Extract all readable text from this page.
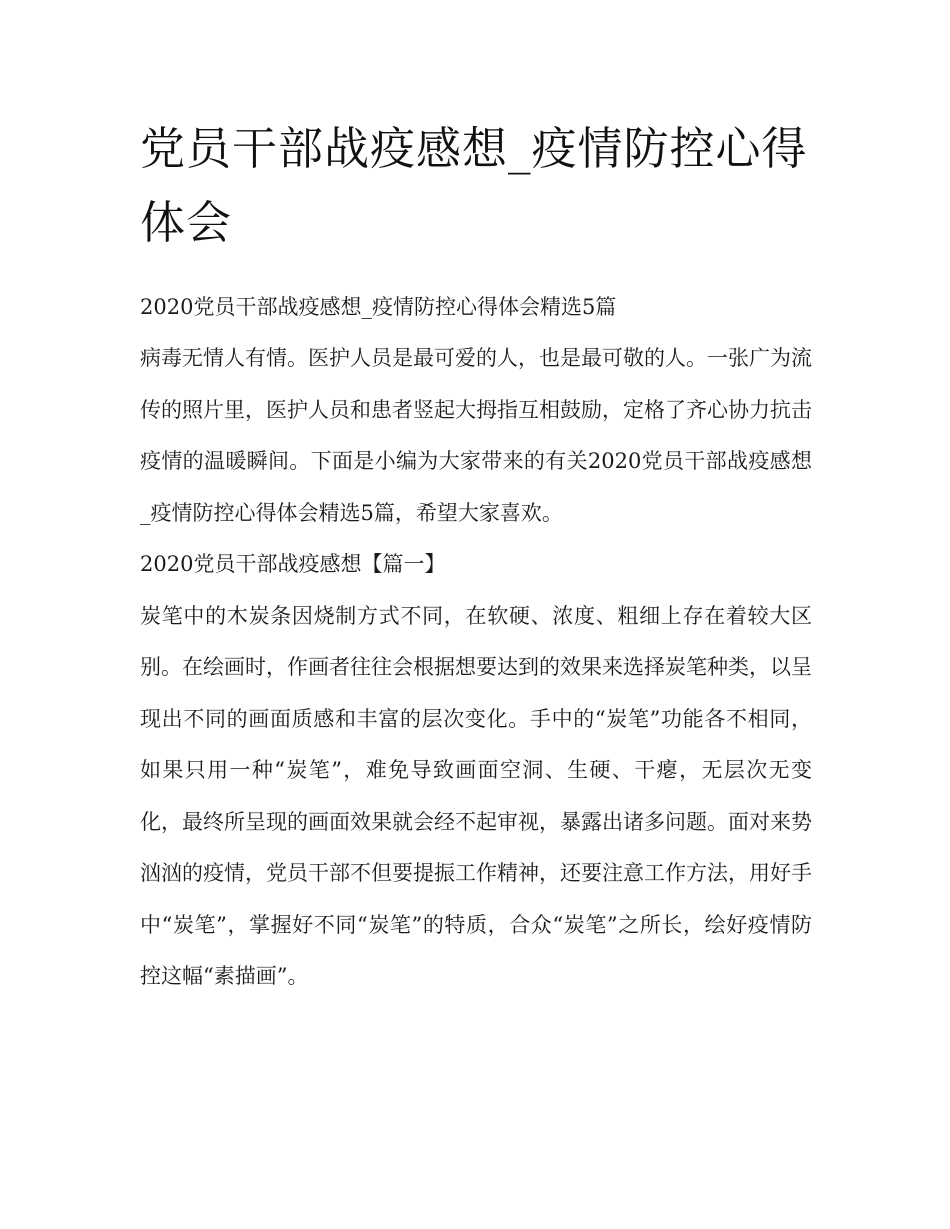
党员干部战疫感想_疫情防控心得体会
2020党员干部战疫感想_疫情防控心得体会精选5篇

病毒无情人有情。医护人员是最可爱的人，也是最可敬的人。一张广为流传的照片里，医护人员和患者竖起大拇指互相鼓励，定格了齐心协力抗击疫情的温暖瞬间。下面是小编为大家带来的有关2020党员干部战疫感想_疫情防控心得体会精选5篇，希望大家喜欢。

2020党员干部战疫感想【篇一】

炭笔中的木炭条因烧制方式不同，在软硬、浓度、粗细上存在着较大区别。在绘画时，作画者往往会根据想要达到的效果来选择炭笔种类，以呈现出不同的画面质感和丰富的层次变化。手中的“炭笔”功能各不相同，如果只用一种“炭笔”，难免导致画面空洞、生硬、干瘪，无层次无变化，最终所呈现的画面效果就会经不起审视，暴露出诸多问题。面对来势汹汹的疫情，党员干部不但要提振工作精神，还要注意工作方法，用好手中“炭笔”，掌握好不同“炭笔”的特质，合众“炭笔”之所长，绘好疫情防控这幅“素描画”。
